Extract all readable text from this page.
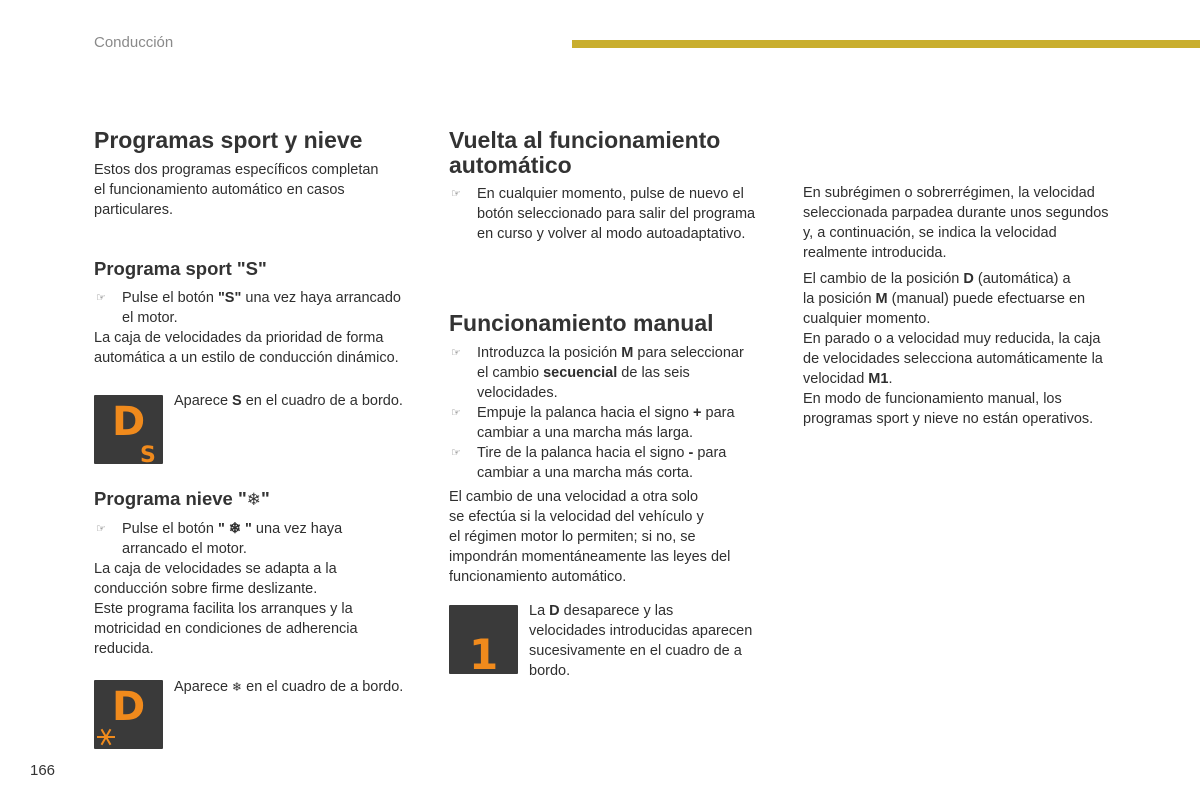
Conducción
Programas sport y nieve

Estos dos programas específicos completan

el funcionamiento automático en casos

particulares.

Programa sport "S"
☞ Pulse el botón "S" una vez haya arrancado

el motor.

La caja de velocidades da prioridad de forma

automática a un estilo de conducción dinámico.

D
S
Aparece S en el cuadro de a bordo.
Programa nieve "❄"
☞ Pulse el botón " ❄ " una vez haya

arrancado el motor.

La caja de velocidades se adapta a la

conducción sobre firme deslizante.

Este programa facilita los arranques y la

motricidad en condiciones de adherencia

reducida.

D Aparece ❄ en el cuadro de a bordo.
Vuelta al funcionamiento
automático
☞ En cualquier momento, pulse de nuevo el

botón seleccionado para salir del programa

en curso y volver al modo autoadaptativo.

Funcionamiento manual
☞ Introduzca la posición M para seleccionar

el cambio secuencial de las seis

velocidades.

☞ Empuje la palanca hacia el signo + para

cambiar a una marcha más larga.

☞ Tire de la palanca hacia el signo - para

cambiar a una marcha más corta.

El cambio de una velocidad a otra solo

se efectúa si la velocidad del vehículo y

el régimen motor lo permiten; si no, se

impondrán momentáneamente las leyes del

funcionamiento automático.

1

La D desaparece y las

velocidades introducidas aparecen

sucesivamente en el cuadro de a

bordo.

En subrégimen o sobrerrégimen, la velocidad

seleccionada parpadea durante unos segundos

y, a continuación, se indica la velocidad

realmente introducida.

El cambio de la posición D (automática) a

la posición M (manual) puede efectuarse en

cualquier momento.

En parado o a velocidad muy reducida, la caja

de velocidades selecciona automáticamente la

velocidad M1.

En modo de funcionamiento manual, los

programas sport y nieve no están operativos.

166
